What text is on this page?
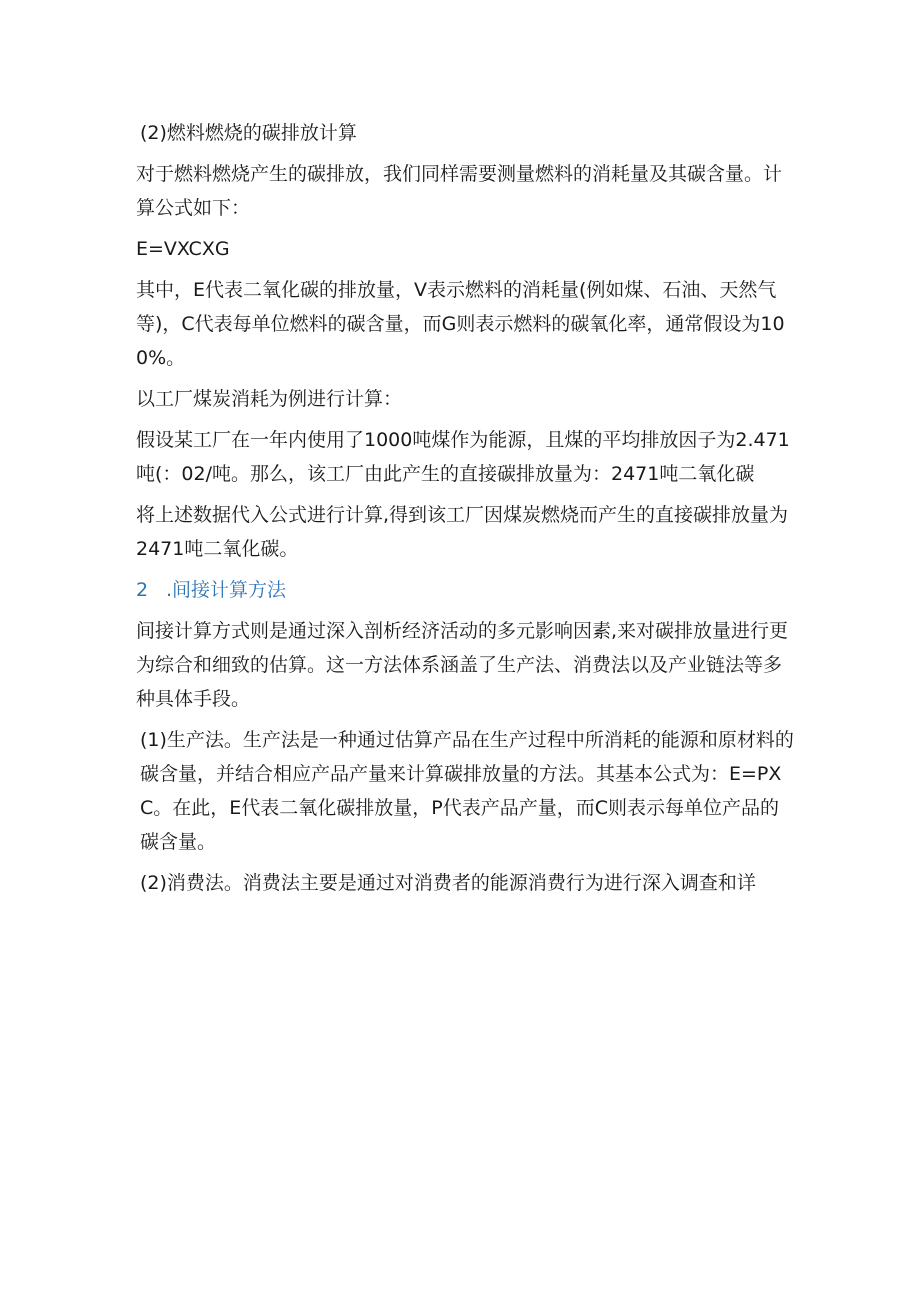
(2)燃料燃烧的碳排放计算

对于燃料燃烧产生的碳排放，我们同样需要测量燃料的消耗量及其碳含量。计算公式如下：

E=VXCXG

其中，E代表二氧化碳的排放量，V表示燃料的消耗量(例如煤、石油、天然气等)，C代表每单位燃料的碳含量，而G则表示燃料的碳氧化率，通常假设为100%。

以工厂煤炭消耗为例进行计算：

假设某工厂在一年内使用了1000吨煤作为能源，且煤的平均排放因子为2.471吨(：02/吨。那么，该工厂由此产生的直接碳排放量为：2471吨二氧化碳

将上述数据代入公式进行计算,得到该工厂因煤炭燃烧而产生的直接碳排放量为2471吨二氧化碳。

2 .间接计算方法

间接计算方式则是通过深入剖析经济活动的多元影响因素,来对碳排放量进行更为综合和细致的估算。这一方法体系涵盖了生产法、消费法以及产业链法等多种具体手段。

(1)生产法。生产法是一种通过估算产品在生产过程中所消耗的能源和原材料的碳含量，并结合相应产品产量来计算碳排放量的方法。其基本公式为：E=PXC。在此，E代表二氧化碳排放量，P代表产品产量，而C则表示每单位产品的碳含量。

(2)消费法。消费法主要是通过对消费者的能源消费行为进行深入调查和详
